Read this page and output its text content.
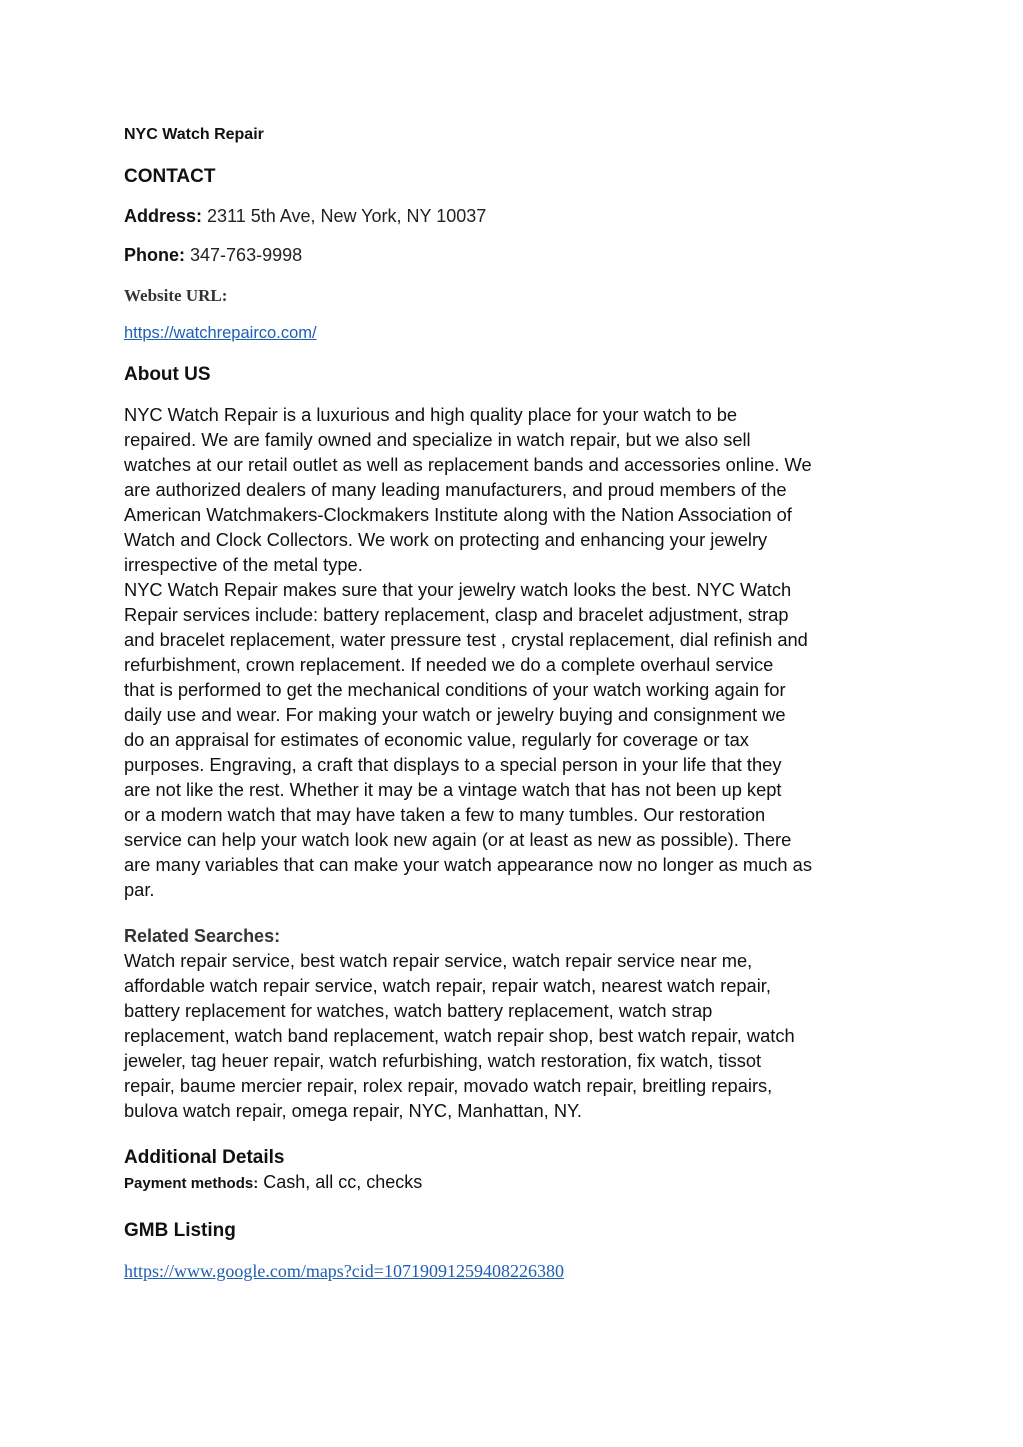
NYC Watch Repair
CONTACT
Address: 2311 5th Ave, New York, NY 10037
Phone: 347-763-9998
Website URL:
https://watchrepairco.com/
About US
NYC Watch Repair is a luxurious and high quality place for your watch to be
repaired. We are family owned and specialize in watch repair, but we also sell
watches at our retail outlet as well as replacement bands and accessories online. We
are authorized dealers of many leading manufacturers, and proud members of the
American Watchmakers-Clockmakers Institute along with the Nation Association of
Watch and Clock Collectors. We work on protecting and enhancing your jewelry
irrespective of the metal type.
NYC Watch Repair makes sure that your jewelry watch looks the best. NYC Watch
Repair services include: battery replacement, clasp and bracelet adjustment, strap
and bracelet replacement, water pressure test , crystal replacement, dial refinish and
refurbishment, crown replacement. If needed we do a complete overhaul service
that is performed to get the mechanical conditions of your watch working again for
daily use and wear. For making your watch or jewelry buying and consignment we
do an appraisal for estimates of economic value, regularly for coverage or tax
purposes. Engraving, a craft that displays to a special person in your life that they
are not like the rest. Whether it may be a vintage watch that has not been up kept
or a modern watch that may have taken a few to many tumbles. Our restoration
service can help your watch look new again (or at least as new as possible). There
are many variables that can make your watch appearance now no longer as much as
par.
Related Searches:
Watch repair service, best watch repair service, watch repair service near me,
affordable watch repair service, watch repair, repair watch, nearest watch repair,
battery replacement for watches, watch battery replacement, watch strap
replacement, watch band replacement, watch repair shop, best watch repair, watch
jeweler, tag heuer repair, watch refurbishing, watch restoration, fix watch, tissot
repair, baume mercier repair, rolex repair, movado watch repair, breitling repairs,
bulova watch repair, omega repair, NYC, Manhattan, NY.
Additional Details
Payment methods: Cash, all cc, checks
GMB Listing
https://www.google.com/maps?cid=10719091259408226380
